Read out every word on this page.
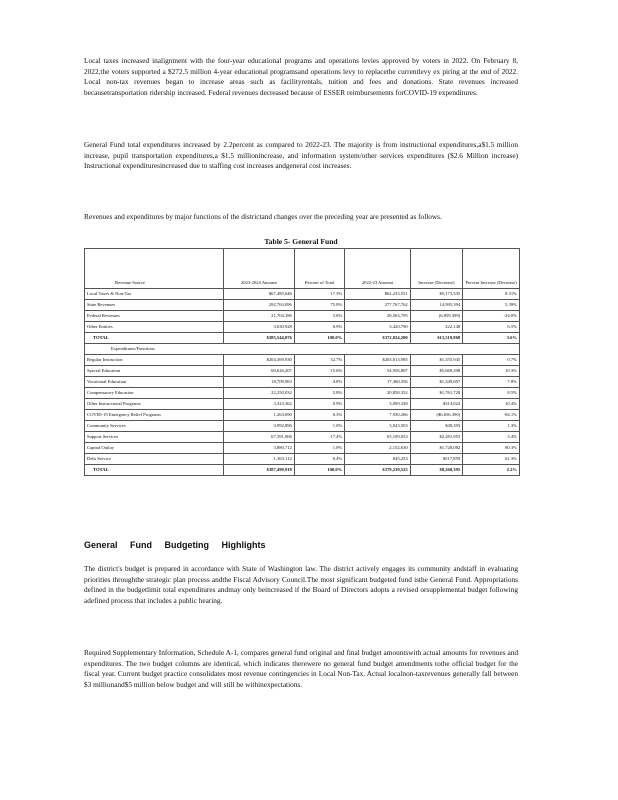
Local taxes increased inalignment with the four-year educational programs and operations levies approved by voters in 2022. On February 8, 2022,the voters supported a $272.5 million 4-year educational programsand operations levy to replacethe currentlevy ex piring at the end of 2022. Local non-tax revenues began to increase areas such as facilityrentals, tuition and fees and donations. State revenues increased becausetransportation ridership increased. Federal revenues decreased because of ESSER reimbursements forCOVID-19 expenditures.

General Fund total expenditures increased by 2.2percent as compared to 2022-23. The majority is from instructional expenditures,a$1.5 million increase, pupil transportation expenditures,a $1.5 millionincrease, and information system/other services expenditures ($2.6 Million increase) Instructional expendituresincreased due to staffing cost increases andgeneral cost increases.

Revenues and expenditures by major functions of the districtand changes over the preceding year are presented as follows.

Table 5- General Fund
Revenue Source	2023-2024 Amount	Percent of Total	2022-23 Amount	Increase (Decrease)	Percent Increase (Decrease)
Local Taxes & Non-Tax	$67,485,646	17.3%	$62,233,551	$5,173,335	8.31%
State Revenues	292,763,096	75.0%	277,767,762	14,995,394	5.39%
Federal Revenues	21,704,396	5.6%	28,563,795	(6,859,399)	-24.0%
Other Entities	3,630,928	0.9%	3,420,790	222,148	6.5%
TOTAL	$385,544,076	100.0%	$372,024,200	$13,519,868	3.6%
Expenditures/Functions					
Regular Instruction	$204,369,930	52.7%	$203,013,985	$1,355,945	0.7%
Special Education	60,626,207	15.6%	54,956,807	$5,669,398	10.3%
Vocational Education	18,709,963	4.8%	17,360,356	$1,349,607	7.8%
Compensatory Education	22,250,032	5.8%	20,858,352	$1,761,728	8.5%
Other Instructional Programs	3,323,362	0.9%	3,009,338	$314,024	10.4%
COVID-19 Emergency Relief Programs	1,263,690	0.3%	7,930,266	($6,656,396)	-84.1%
Community Services	3,992,896	1.0%	3,943,503	$49,393	1.3%
Support Services	67,391,006	17.4%	65,109,053	$2,281,953	3.4%
Capital Outlay	3,880,712	1.0%	2,152,630	$1,728,082	80.3%
Debt Service	1,363,112	0.4%	845,253	$517,859	61.3%
TOTAL	$387,499,918	100.0%	$379,239,523	$8,260,395	2.2%
General Fund Budgeting Highlights

The district's budget is prepared in accordance with State of Washington law. The district actively engages its community andstaff in evaluating priorities throughthe strategic plan process andthe Fiscal Advisory Council.The most significant budgeted fund isthe General Fund. Appropriations defined in the budgetlimit total expenditures andmay only beincreased if the Board of Directors adopts a revised orsupplemental budget following adefined process that includes a public hearing.

Required Supplementary Information, Schedule A-1, compares general fund original and final budget amountswith actual amounts for revenues and expenditures. The two budget columns are identical, which indicates therewere no general fund budget amendments tothe official budget for the fiscal year. Current budget practice consolidates most revenue contingencies in Local Non-Tax. Actual localnon-taxrevenues generally fall between $3 millionand$5 million below budget and will still be withinexpectations.
